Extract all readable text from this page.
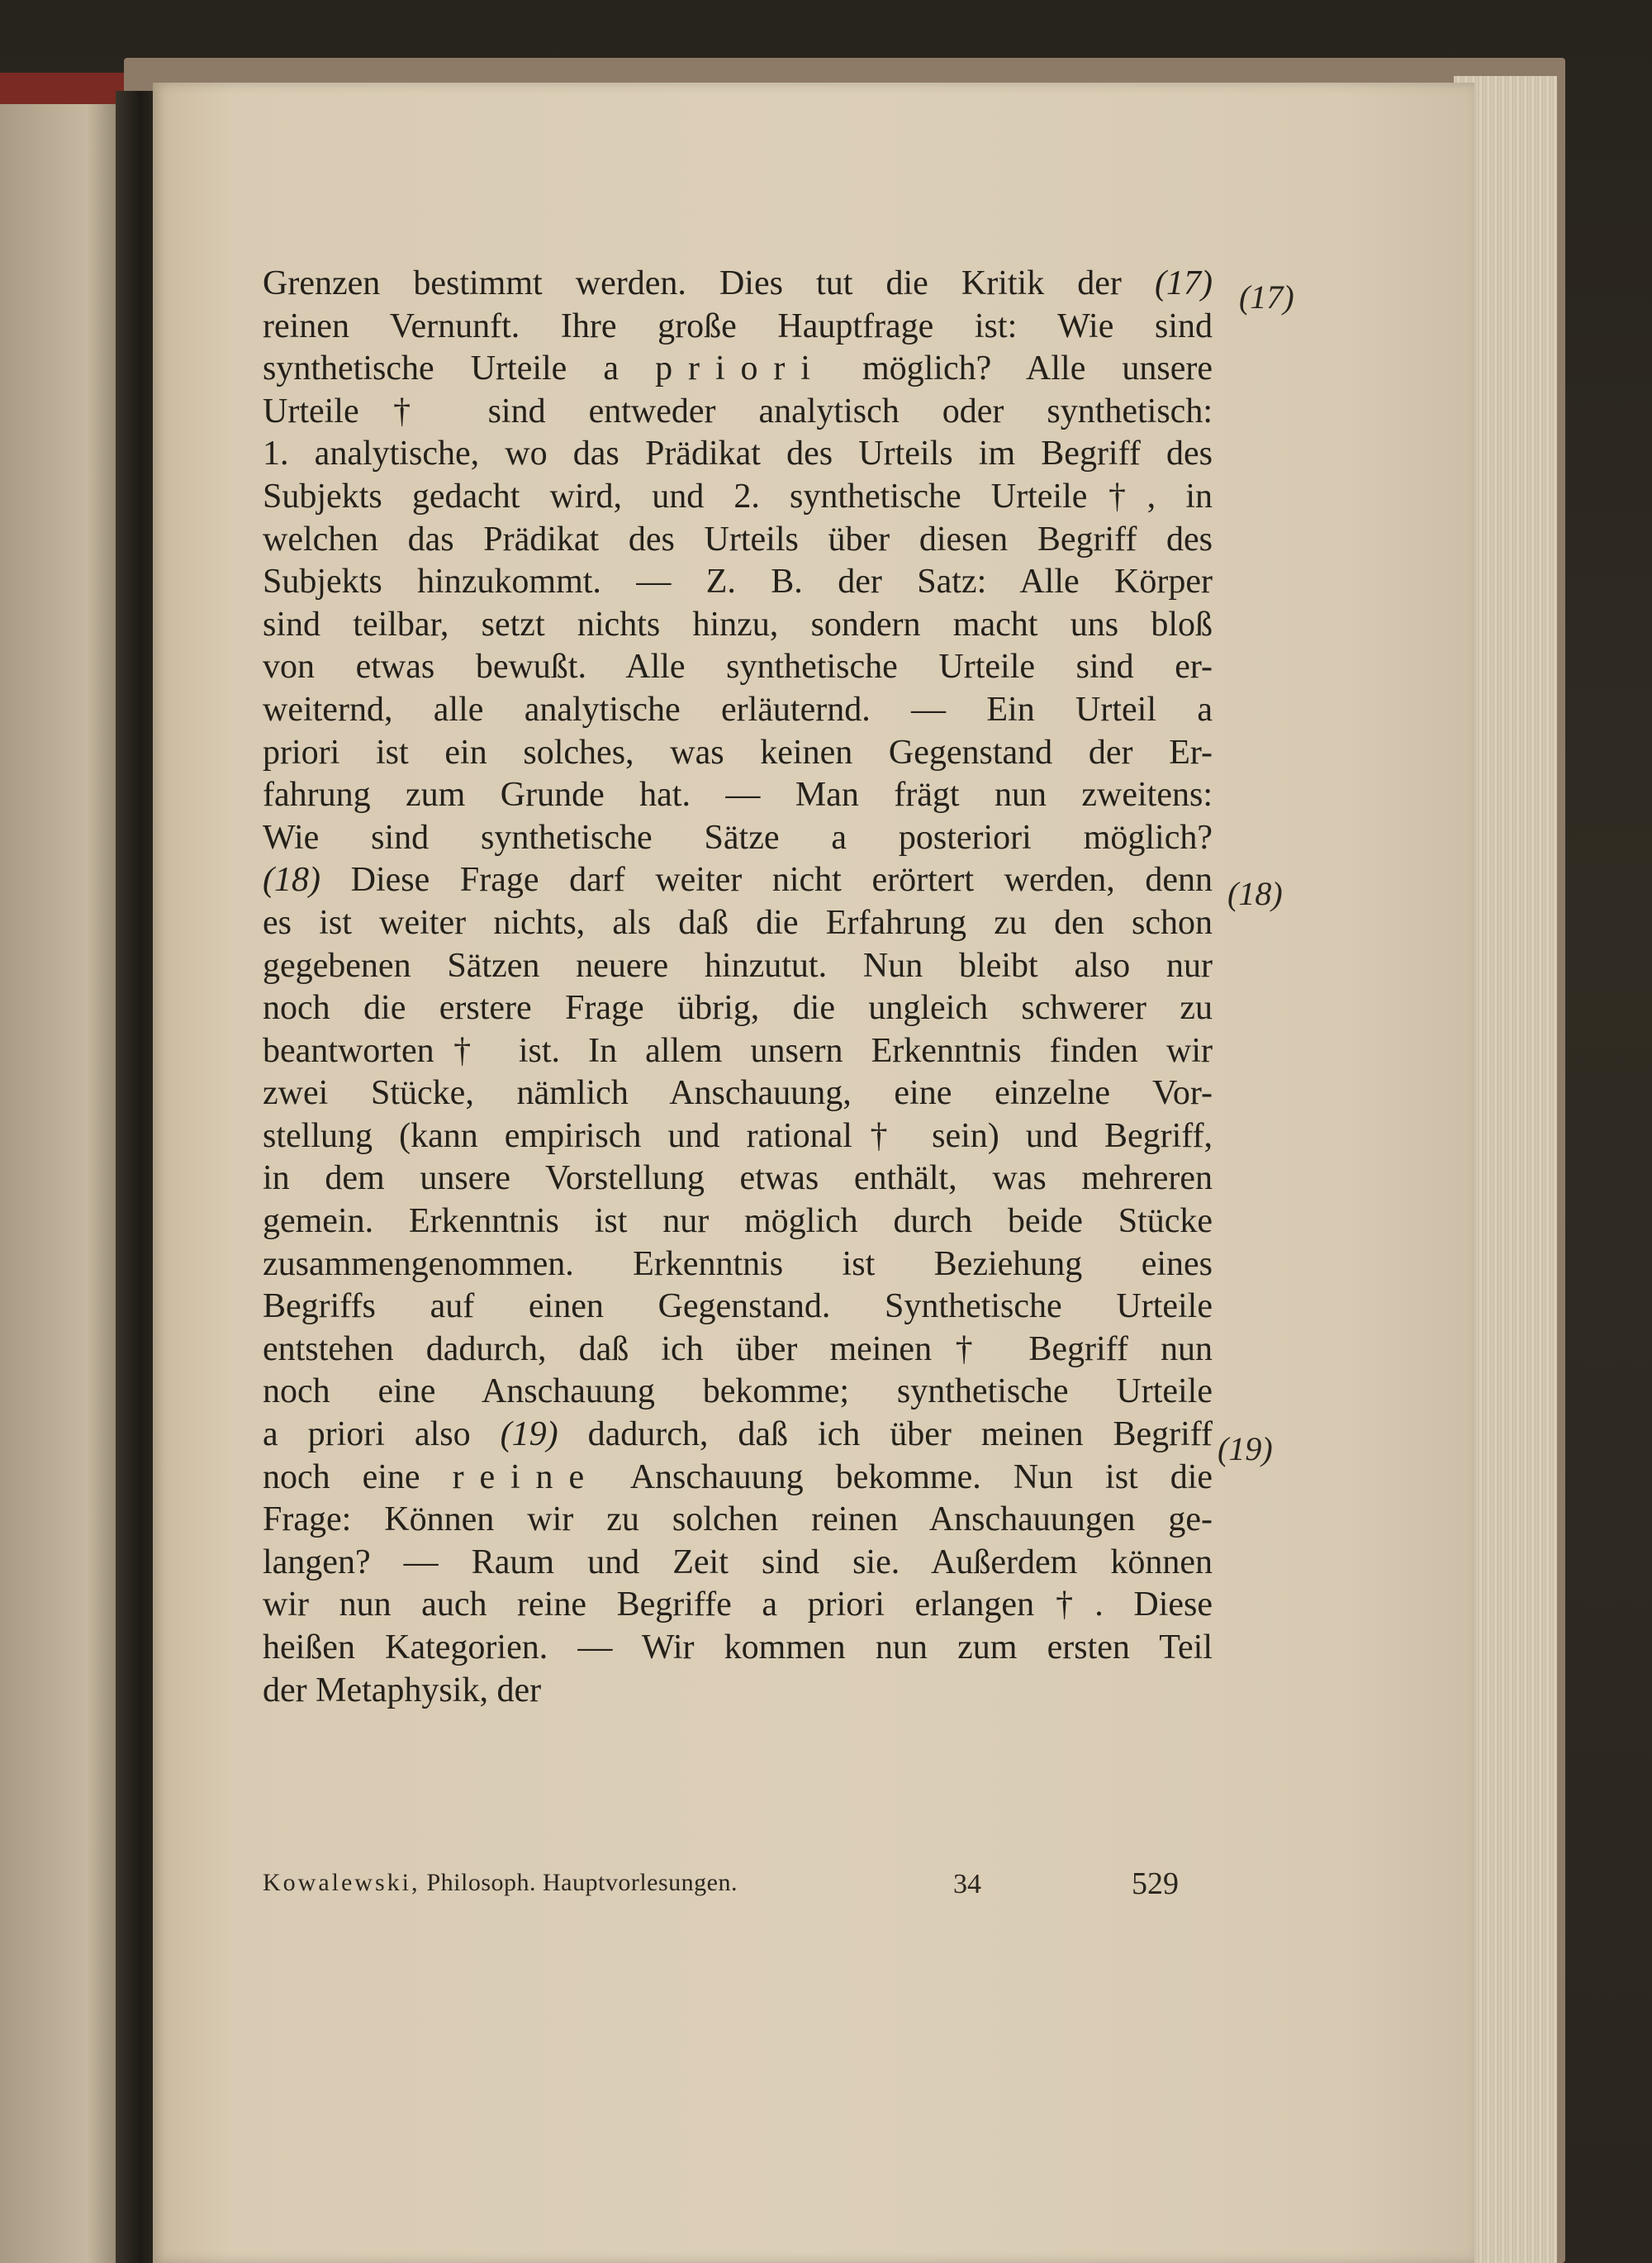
Grenzen bestimmt werden. Dies tut die Kritik der (17)
reinen Vernunft. Ihre große Hauptfrage ist: Wie sind
synthetische Urteile a priori möglich? Alle unsere
Urteile† sind entweder analytisch oder synthetisch:
1. analytische, wo das Prädikat des Urteils im Begriff des
Subjekts gedacht wird, und 2. synthetische Urteile†, in
welchen das Prädikat des Urteils über diesen Begriff des
Subjekts hinzukommt. — Z. B. der Satz: Alle Körper
sind teilbar, setzt nichts hinzu, sondern macht uns bloß
von etwas bewußt. Alle synthetische Urteile sind er-
weiternd, alle analytische erläuternd. — Ein Urteil a
priori ist ein solches, was keinen Gegenstand der Er-
fahrung zum Grunde hat. — Man frägt nun zweitens:
Wie sind synthetische Sätze a posteriori möglich?
(18) Diese Frage darf weiter nicht erörtert werden, denn
es ist weiter nichts, als daß die Erfahrung zu den schon
gegebenen Sätzen neuere hinzutut. Nun bleibt also nur
noch die erstere Frage übrig, die ungleich schwerer zu
beantworten† ist. In allem unsern Erkenntnis finden wir
zwei Stücke, nämlich Anschauung, eine einzelne Vor-
stellung (kann empirisch und rational† sein) und Begriff,
in dem unsere Vorstellung etwas enthält, was mehreren
gemein. Erkenntnis ist nur möglich durch beide Stücke
zusammengenommen. Erkenntnis ist Beziehung eines
Begriffs auf einen Gegenstand. Synthetische Urteile
entstehen dadurch, daß ich über meinen† Begriff nun
noch eine Anschauung bekomme; synthetische Urteile
a priori also (19) dadurch, daß ich über meinen Begriff
noch eine reine Anschauung bekomme. Nun ist die
Frage: Können wir zu solchen reinen Anschauungen ge-
langen? — Raum und Zeit sind sie. Außerdem können
wir nun auch reine Begriffe a priori erlangen†. Diese
heißen Kategorien. — Wir kommen nun zum ersten Teil
der Metaphysik, der
(17)
(18)
(19)
Kowalewski, Philosoph. Hauptvorlesungen.	34	529
